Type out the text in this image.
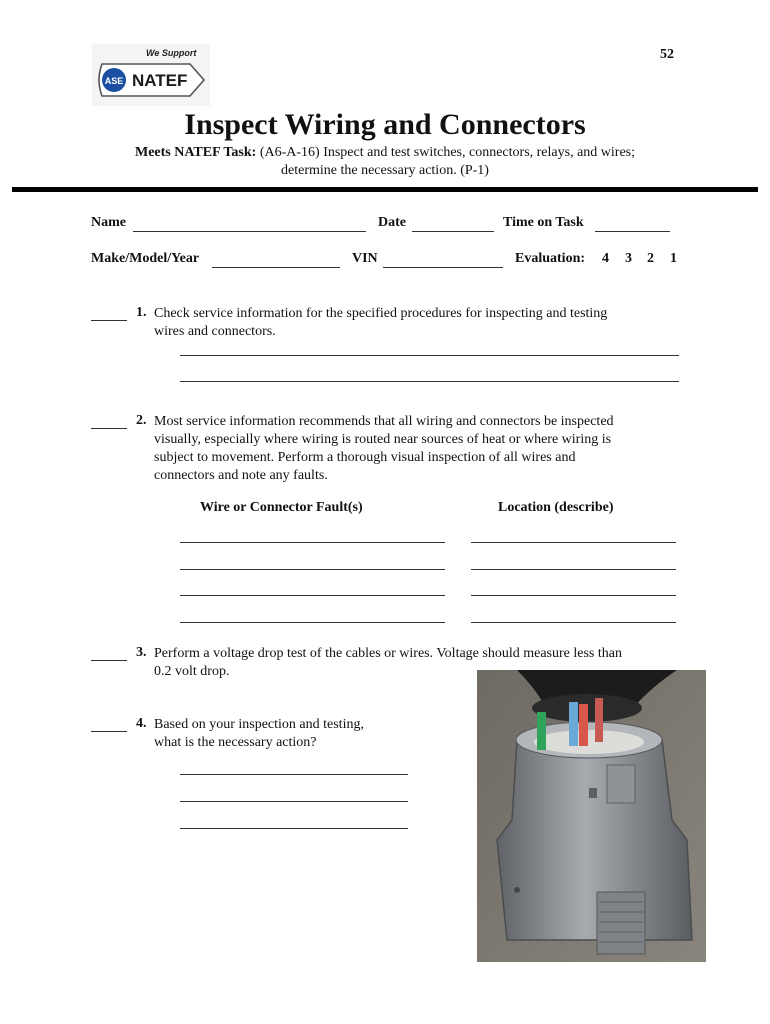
We Support
ASE NATEF
52
Inspect Wiring and Connectors
Meets NATEF Task: (A6-A-16) Inspect and test switches, connectors, relays, and wires;
determine the necessary action. (P-1)
Name	Date	Time on Task
Make/Model/Year	VIN	Evaluation: 4 3 2 1
1. Check service information for the specified procedures for inspecting and testing
wires and connectors.
2. Most service information recommends that all wiring and connectors be inspected
visually, especially where wiring is routed near sources of heat or where wiring is
subject to movement. Perform a thorough visual inspection of all wires and
connectors and note any faults.
Wire or Connector Fault(s)	Location (describe)
3. Perform a voltage drop test of the cables or wires. Voltage should measure less than
0.2 volt drop.
4. Based on your inspection and testing,
what is the necessary action?
